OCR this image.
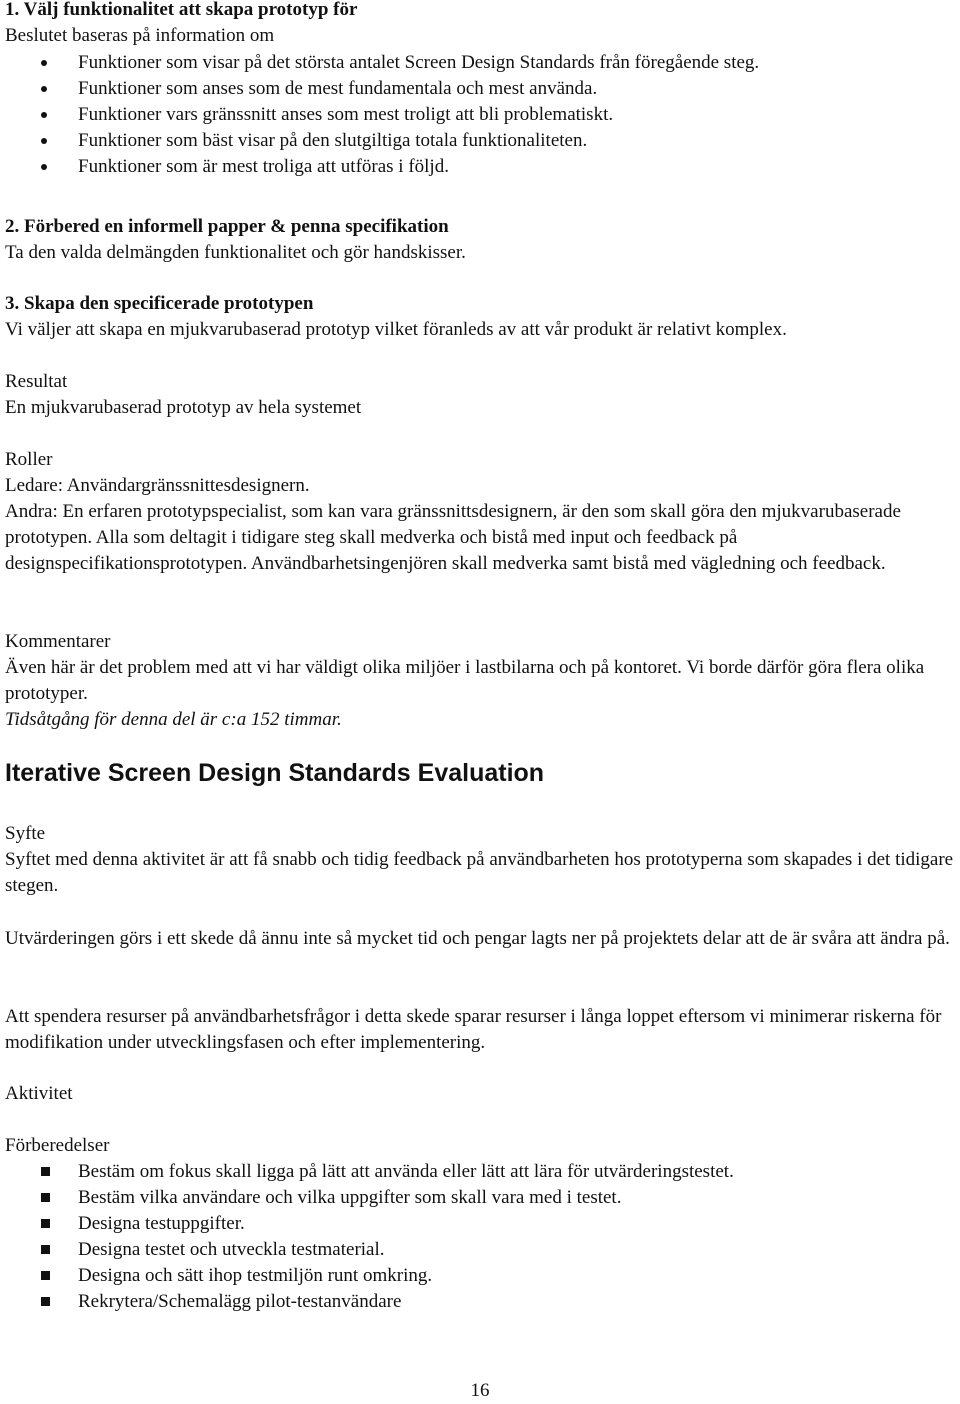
1. Välj funktionalitet att skapa prototyp för
Beslutet baseras på information om
Funktioner som visar på det största antalet Screen Design Standards från föregående steg.
Funktioner som anses som de mest fundamentala och mest använda.
Funktioner vars gränssnitt anses som mest troligt att bli problematiskt.
Funktioner som bäst visar på den slutgiltiga totala funktionaliteten.
Funktioner som är mest troliga att utföras i följd.
2. Förbered en informell papper & penna specifikation
Ta den valda delmängden funktionalitet och gör handskisser.
3. Skapa den specificerade prototypen
Vi väljer att skapa en mjukvarubaserad prototyp vilket föranleds av att vår produkt är relativt komplex.
Resultat
En mjukvarubaserad prototyp av hela systemet
Roller
Ledare: Användargränssnittesdesignern.
Andra: En erfaren prototypspecialist, som kan vara gränssnittsdesignern, är den som skall göra den mjukvarubaserade prototypen. Alla som deltagit i tidigare steg skall medverka och bistå med input och feedback på designspecifikationsprototypen. Användbarhetsingenjören skall medverka samt bistå med vägledning och feedback.
Kommentarer
Även här är det problem med att vi har väldigt olika miljöer i lastbilarna och på kontoret. Vi borde därför göra flera olika prototyper.
Tidsåtgång för denna del är c:a 152 timmar.
Iterative Screen Design Standards Evaluation
Syfte
Syftet med denna aktivitet är att få snabb och tidig feedback på användbarheten hos prototyperna som skapades i det tidigare stegen.
Utvärderingen görs i ett skede då ännu inte så mycket tid och pengar lagts ner på projektets delar att de är svåra att ändra på.
Att spendera resurser på användbarhetsfrågor i detta skede sparar resurser i långa loppet eftersom vi minimerar riskerna för modifikation under utvecklingsfasen och efter implementering.
Aktivitet
Förberedelser
Bestäm om fokus skall ligga på lätt att använda eller lätt att lära för utvärderingstestet.
Bestäm vilka användare och vilka uppgifter som skall vara med i testet.
Designa testuppgifter.
Designa testet och utveckla testmaterial.
Designa och sätt ihop testmiljön runt omkring.
Rekrytera/Schemalägg pilot-testanvändare
16
